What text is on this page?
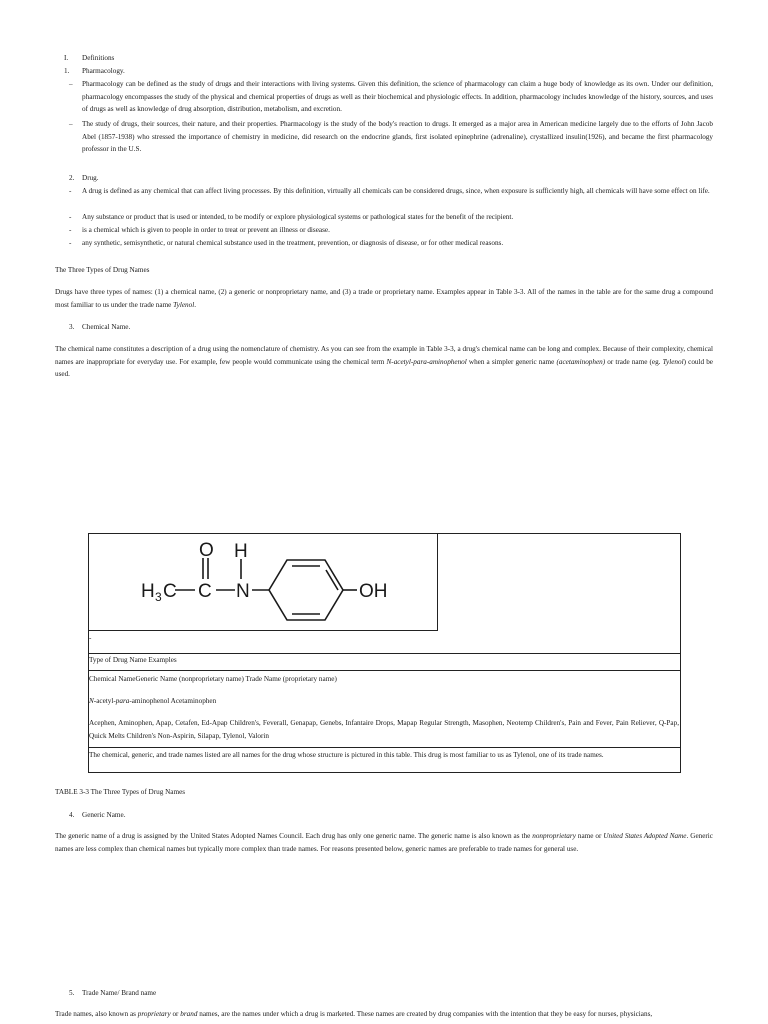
I. Definitions
1. Pharmacology.
–	Pharmacology can be defined as the study of drugs and their interactions with living systems. Given this definition, the science of pharmacology can claim a huge body of knowledge as its own. Under our definition, pharmacology encompasses the study of the physical and chemical properties of drugs as well as their biochemical and physiologic effects. In addition, pharmacology includes knowledge of the history, sources, and uses of drugs as well as knowledge of drug absorption, distribution, metabolism, and excretion.
–	The study of drugs, their sources, their nature, and their properties. Pharmacology is the study of the body's reaction to drugs. It emerged as a major area in American medicine largely due to the efforts of John Jacob Abel (1857-1938) who stressed the importance of chemistry in medicine, did research on the endocrine glands, first isolated epinephrine (adrenaline), crystallized insulin(1926), and became the first pharmacology professor in the U.S.
2. Drug.
-	A drug is defined as any chemical that can affect living processes. By this definition, virtually all chemicals can be considered drugs, since, when exposure is sufficiently high, all chemicals will have some effect on life.
-	Any substance or product that is used or intended, to be modify or explore physiological systems or pathological states for the benefit of the recipient.
-	is a chemical which is given to people in order to treat or prevent an illness or disease.
-	any synthetic, semisynthetic, or natural chemical substance used in the treatment, prevention, or diagnosis of disease, or for other medical reasons.
The Three Types of Drug Names
Drugs have three types of names: (1) a chemical name, (2) a generic or nonproprietary name, and (3) a trade or proprietary name. Examples appear in Table 3-3. All of the names in the table are for the same drug a compound most familiar to us under the trade name Tylenol.
3. Chemical Name.
The chemical name constitutes a description of a drug using the nomenclature of chemistry. As you can see from the example in Table 3-3, a drug's chemical name can be long and complex. Because of their complexity, chemical names are inappropriate for everyday use. For example, few people would communicate using the chemical term N-acetyl-para-aminophenol when a simpler generic name (acetaminophen) or trade name (eg. Tylenol) could be used.
O H
H 3 C C N	OH
-
Type of Drug Name Examples
Chemical NameGeneric Name (nonproprietary name) Trade Name (proprietary name)
N-acetyl-para-aminophenol Acetaminophen
Acephen, Aminophen, Apap, Cetafen, Ed-Apap Children's, Feverall, Genapap, Genebs, Infantaire Drops, Mapap Regular Strength, Masophen, Neotemp Children's, Pain and Fever, Pain Reliever, Q-Pap, Quick Melts Children's Non-Aspirin, Silapap, Tylenol, Valorin
The chemical, generic, and trade names listed are all names for the drug whose structure is pictured in this table. This drug is most familiar to us as Tylenol, one of its trade names.
TABLE 3-3 The Three Types of Drug Names
4. Generic Name.
The generic name of a drug is assigned by the United States Adopted Names Council. Each drug has only one generic name. The generic name is also known as the nonproprietary name or United States Adopted Name. Generic names are less complex than chemical names but typically more complex than trade names. For reasons presented below, generic names are preferable to trade names for general use.
5. Trade Name/ Brand name
Trade names, also known as proprietary or brand names, are the names under which a drug is marketed. These names are created by drug companies with the intention that they be easy for nurses, physicians,
